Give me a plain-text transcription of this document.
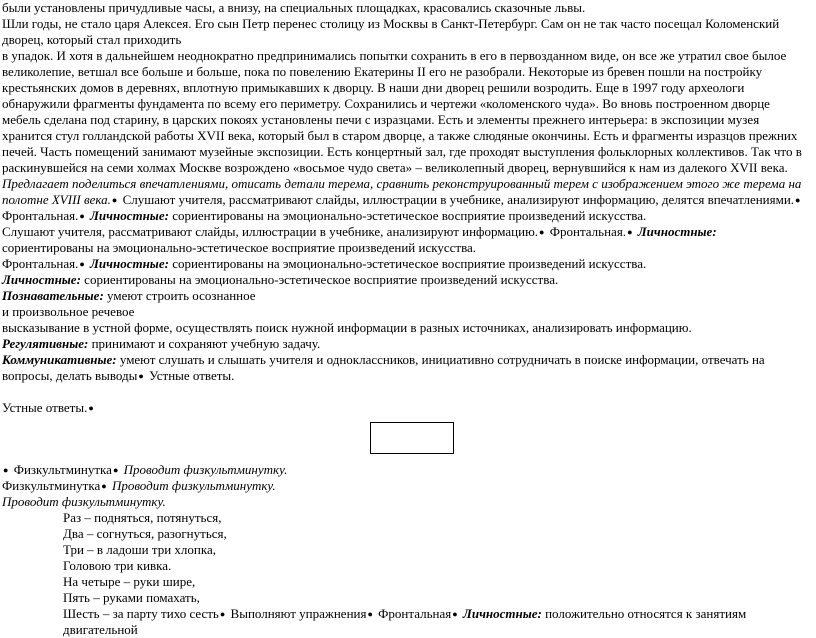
были установлены причудливые часы, а внизу, на специальных площадках, красовались сказочные львы.

Шли годы, не стало царя Алексея. Его сын Петр перенес столицу из Москвы в Санкт-Петербург. Сам он не так часто посещал Коломенский дворец, который стал приходить

в упадок. И хотя в дальнейшем неоднократно предпринимались попытки сохранить в его в первозданном виде, он все же утратил свое былое великолепие, ветшал все больше и больше, пока по повелению Екатерины II его не разобрали. Некоторые из бревен пошли на постройку крестьянских домов в деревнях, вплотную примыкавших к дворцу. В наши дни дворец решили возродить. Еще в 1997 году археологи обнаружили фрагменты фундамента по всему его периметру. Сохранились и чертежи «коломенского чуда». Во вновь построенном дворце мебель сделана под старину, в царских покоях установлены печи с изразцами. Есть и элементы прежнего интерьера: в экспозиции музея хранится стул голландской работы XVII века, который был в старом дворце, а также слюдяные окончины. Есть и фрагменты изразцов прежних печей. Часть помещений занимают музейные экспозиции. Есть концертный зал, где проходят выступления фольклорных коллективов. Так что в раскинувшейся на семи холмах Москве возрождено «восьмое чудо света» – великолепный дворец, вернувшийся к нам из далекого XVII века.

Предлагает поделиться впечатлениями, отисать детали терема, сравнить реконструированный терем с изображением этого же терема на полотне XVIII века.● Слушают учителя, рассматривают слайды, иллюстрации в учебнике, анализируют информацию, делятся впечатлениями.● Фронтальная.● Личностные: сориентированы на эмоционально-эстетическое восприятие произведений искусства.

Слушают учителя, рассматривают слайды, иллюстрации в учебнике, анализируют информацию.● Фронтальная.● Личностные: сориентированы на эмоционально-эстетическое восприятие произведений искусства.

Фронтальная.● Личностные: сориентированы на эмоционально-эстетическое восприятие произведений искусства.

Личностные: сориентированы на эмоционально-эстетическое восприятие произведений искусства.

Познавательные: умеют строить осознанное

и произвольное речевое

высказывание в устной форме, осуществлять поиск нужной информации в разных источниках, анализировать информацию.

Регулятивные: принимают и сохраняют учебную задачу.

Коммуникативные: умеют слушать и слышать учителя и одноклассников, инициативно сотрудничать в поиске информации, отвечать на вопросы, делать выводы● Устные ответы.

Устные ответы.●

● Физкультминутка● Проводит физкультминутку.

Физкультминутка● Проводит физкультминутку.

Проводит физкультминутку.

Раз – подняться, потянуться,

Два – согнуться, разогнуться,

Три – в ладоши три хлопка,

Головою три кивка.

На четыре – руки шире,

Пять – руками помахать,

Шесть – за парту тихо сесть● Выполняют упражнения● Фронтальная● Личностные: положительно относятся к занятиям двигательной
